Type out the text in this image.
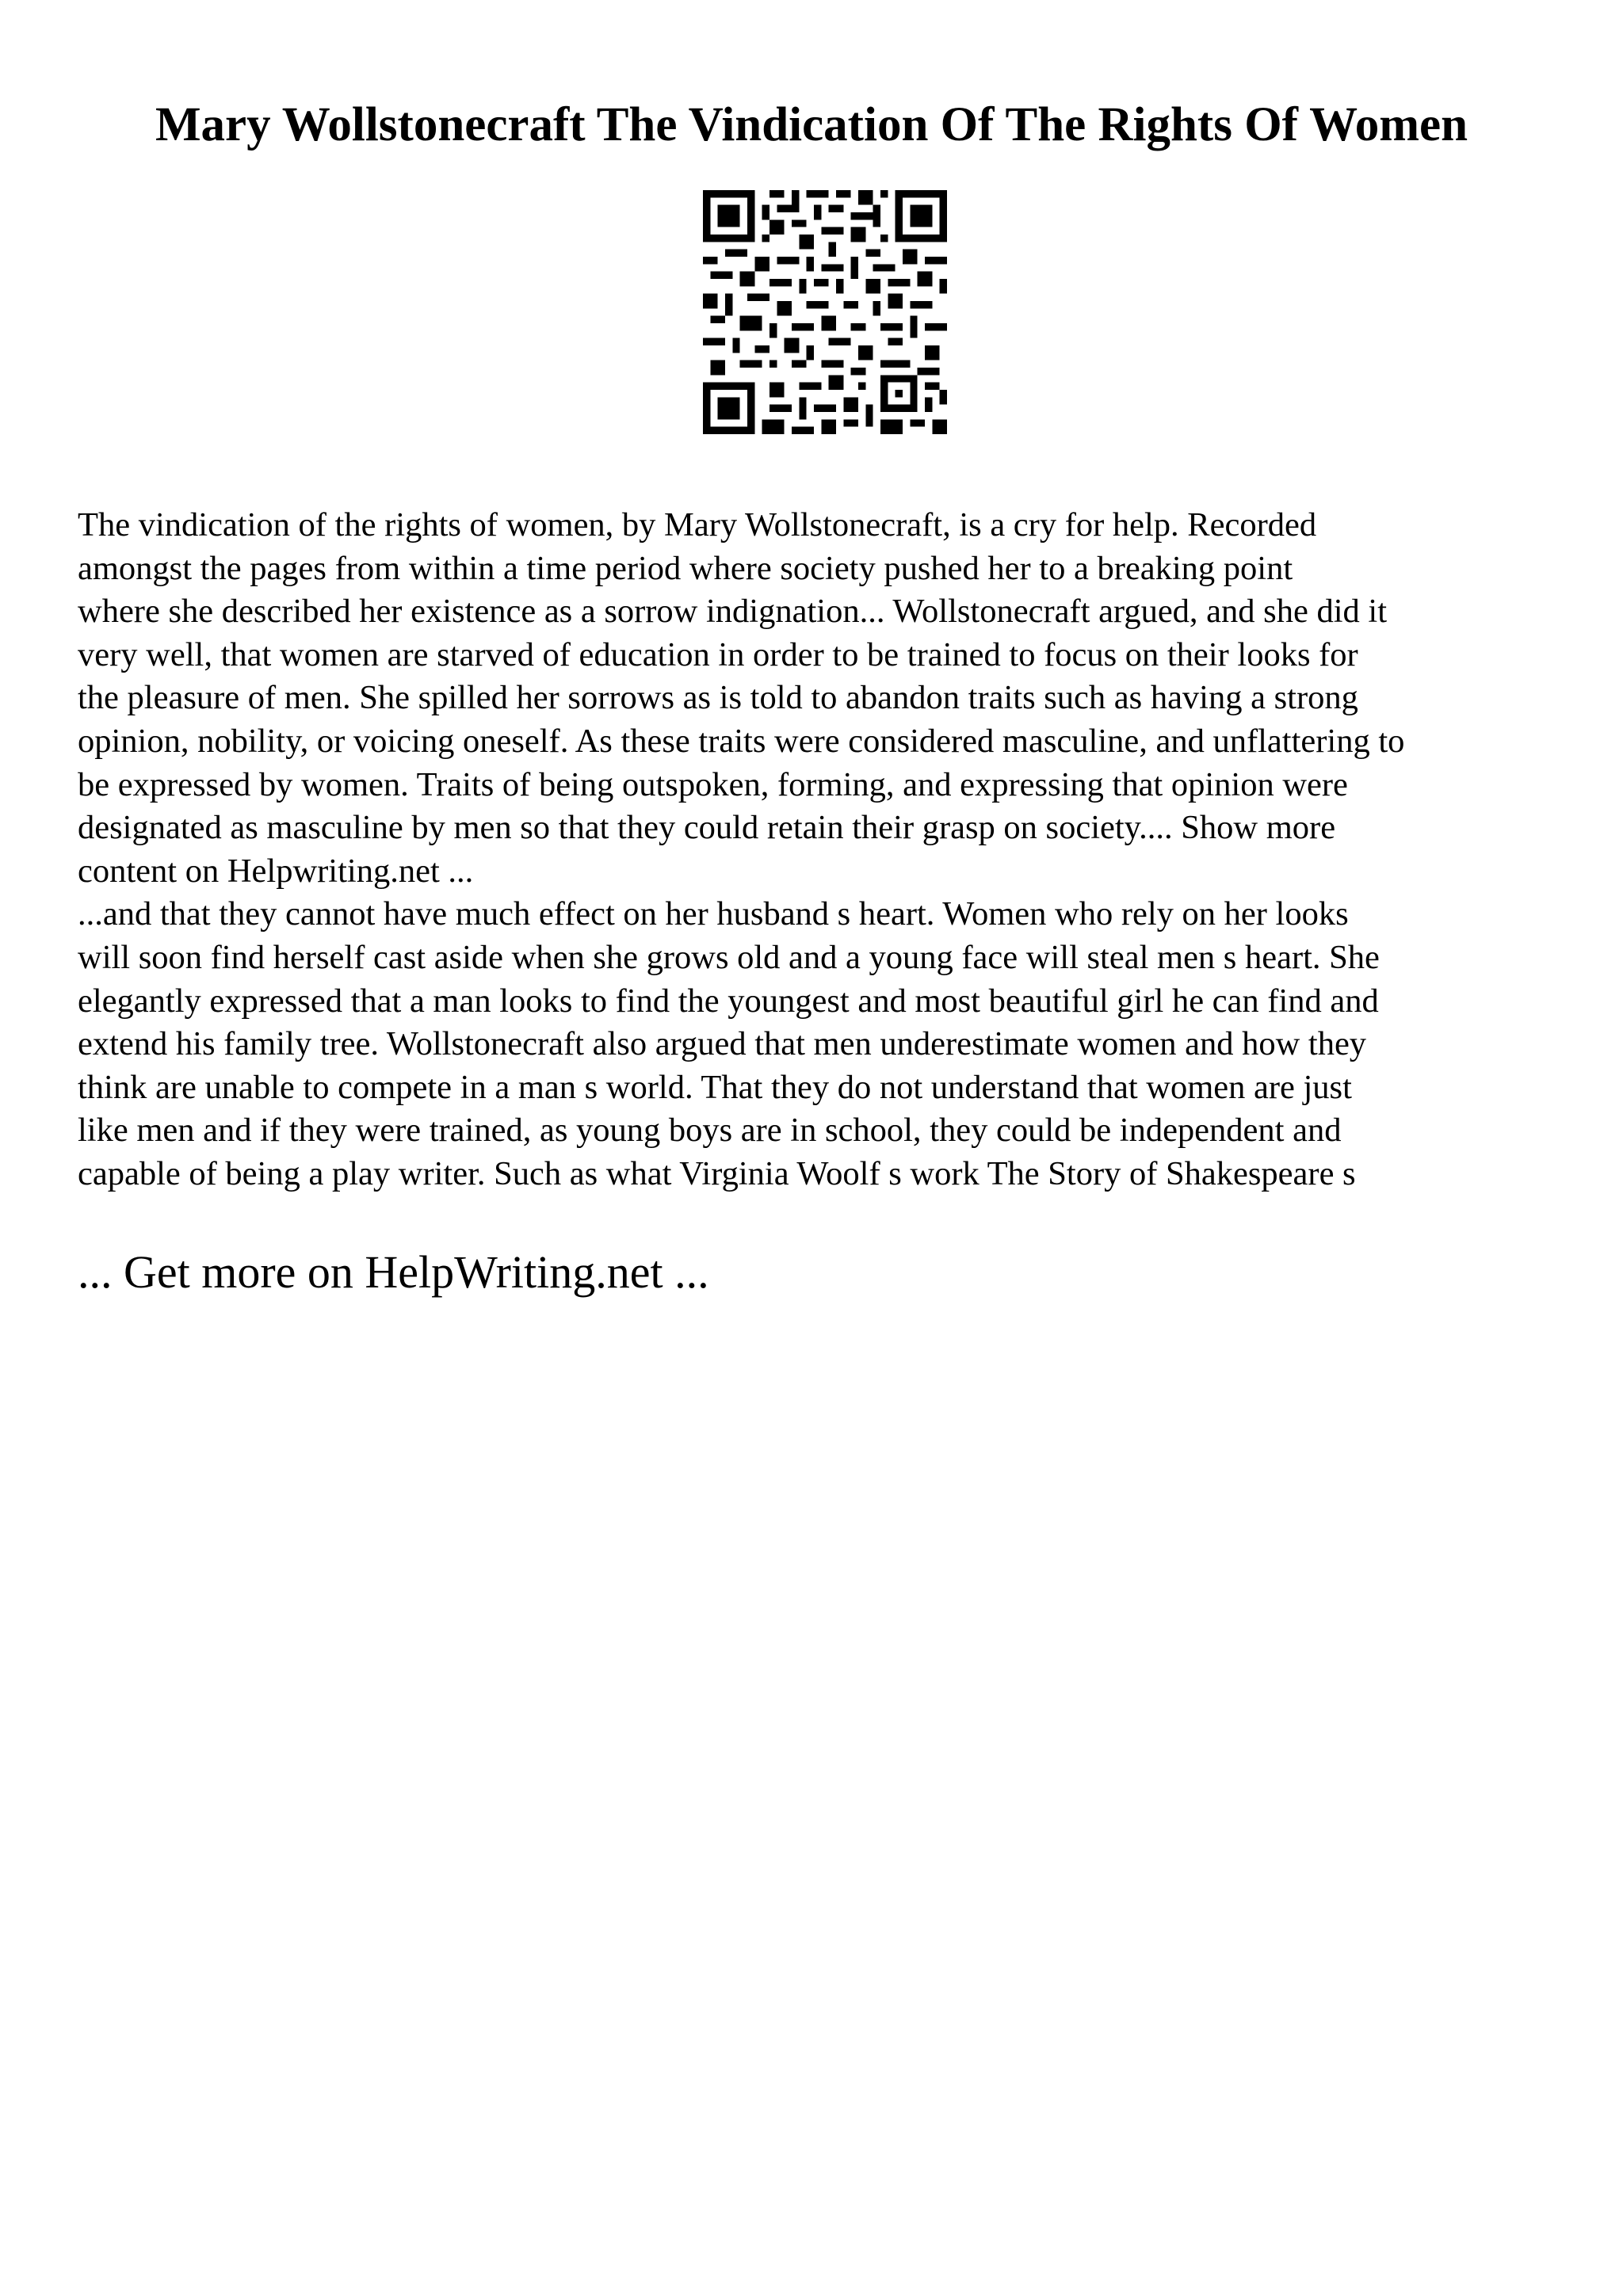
Mary Wollstonecraft The Vindication Of The Rights Of Women
The vindication of the rights of women, by Mary Wollstonecraft, is a cry for help. Recorded
amongst the pages from within a time period where society pushed her to a breaking point
where she described her existence as a sorrow indignation... Wollstonecraft argued, and she did it
very well, that women are starved of education in order to be trained to focus on their looks for
the pleasure of men. She spilled her sorrows as is told to abandon traits such as having a strong
opinion, nobility, or voicing oneself. As these traits were considered masculine, and unflattering to
be expressed by women. Traits of being outspoken, forming, and expressing that opinion were
designated as masculine by men so that they could retain their grasp on society.... Show more
content on Helpwriting.net ...
...and that they cannot have much effect on her husband s heart. Women who rely on her looks
will soon find herself cast aside when she grows old and a young face will steal men s heart. She
elegantly expressed that a man looks to find the youngest and most beautiful girl he can find and
extend his family tree. Wollstonecraft also argued that men underestimate women and how they
think are unable to compete in a man s world. That they do not understand that women are just
like men and if they were trained, as young boys are in school, they could be independent and
capable of being a play writer. Such as what Virginia Woolf s work The Story of Shakespeare s
... Get more on HelpWriting.net ...
